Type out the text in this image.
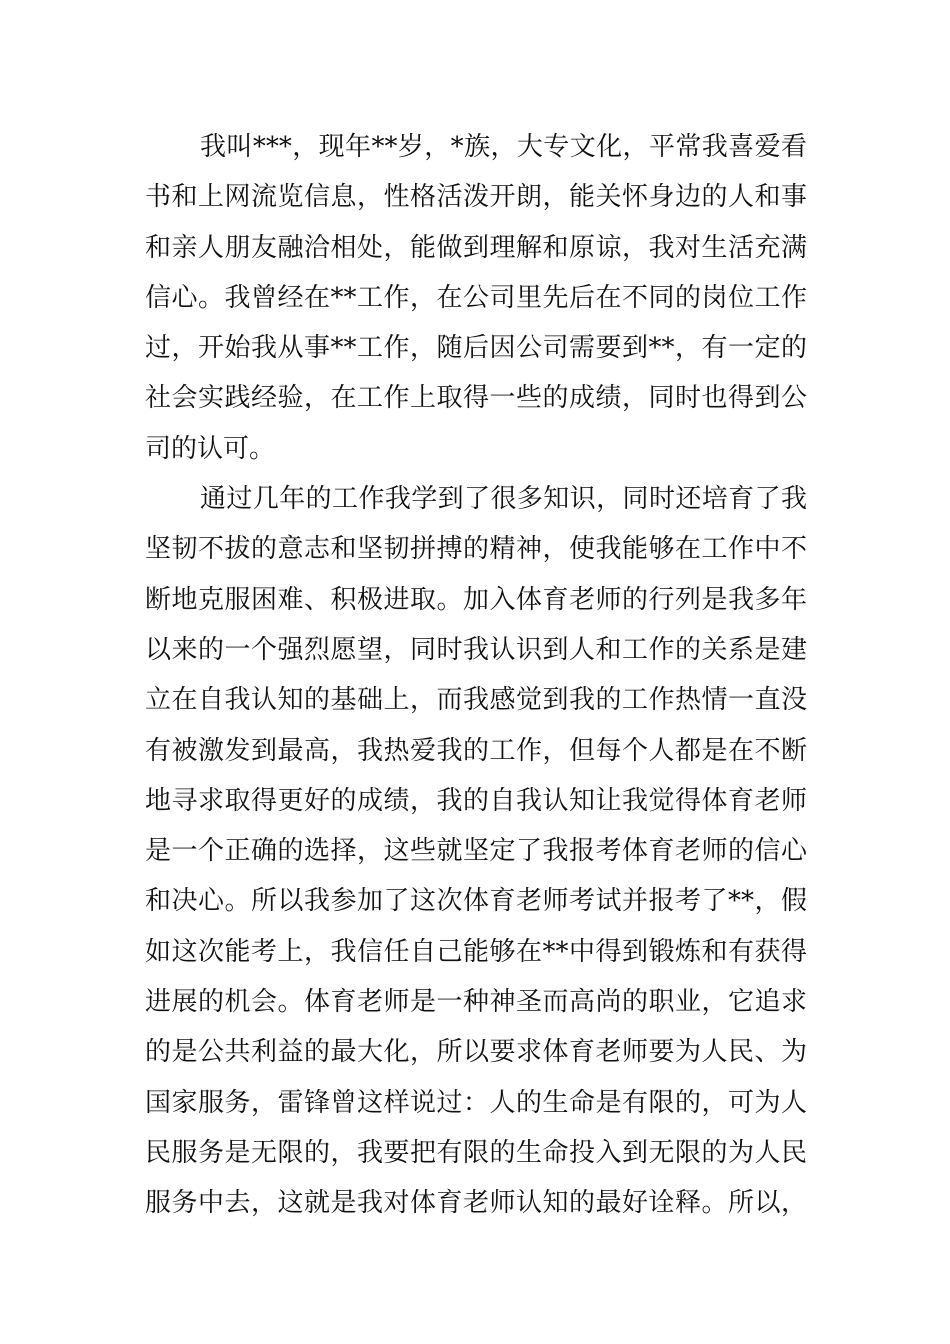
我叫***，现年**岁，*族，大专文化，平常我喜爱看
书和上网流览信息，性格活泼开朗，能关怀身边的人和事
和亲人朋友融洽相处，能做到理解和原谅，我对生活充满
信心。我曾经在**工作，在公司里先后在不同的岗位工作
过，开始我从事**工作，随后因公司需要到**，有一定的
社会实践经验，在工作上取得一些的成绩，同时也得到公
司的认可。

通过几年的工作我学到了很多知识，同时还培育了我
坚韧不拔的意志和坚韧拼搏的精神，使我能够在工作中不
断地克服困难、积极进取。加入体育老师的行列是我多年
以来的一个强烈愿望，同时我认识到人和工作的关系是建
立在自我认知的基础上，而我感觉到我的工作热情一直没
有被激发到最高，我热爱我的工作，但每个人都是在不断
地寻求取得更好的成绩，我的自我认知让我觉得体育老师
是一个正确的选择，这些就坚定了我报考体育老师的信心
和决心。所以我参加了这次体育老师考试并报考了**，假
如这次能考上，我信任自己能够在**中得到锻炼和有获得
进展的机会。体育老师是一种神圣而高尚的职业，它追求
的是公共利益的最大化，所以要求体育老师要为人民、为
国家服务，雷锋曾这样说过：人的生命是有限的，可为人
民服务是无限的，我要把有限的生命投入到无限的为人民
服务中去，这就是我对体育老师认知的最好诠释。所以，
